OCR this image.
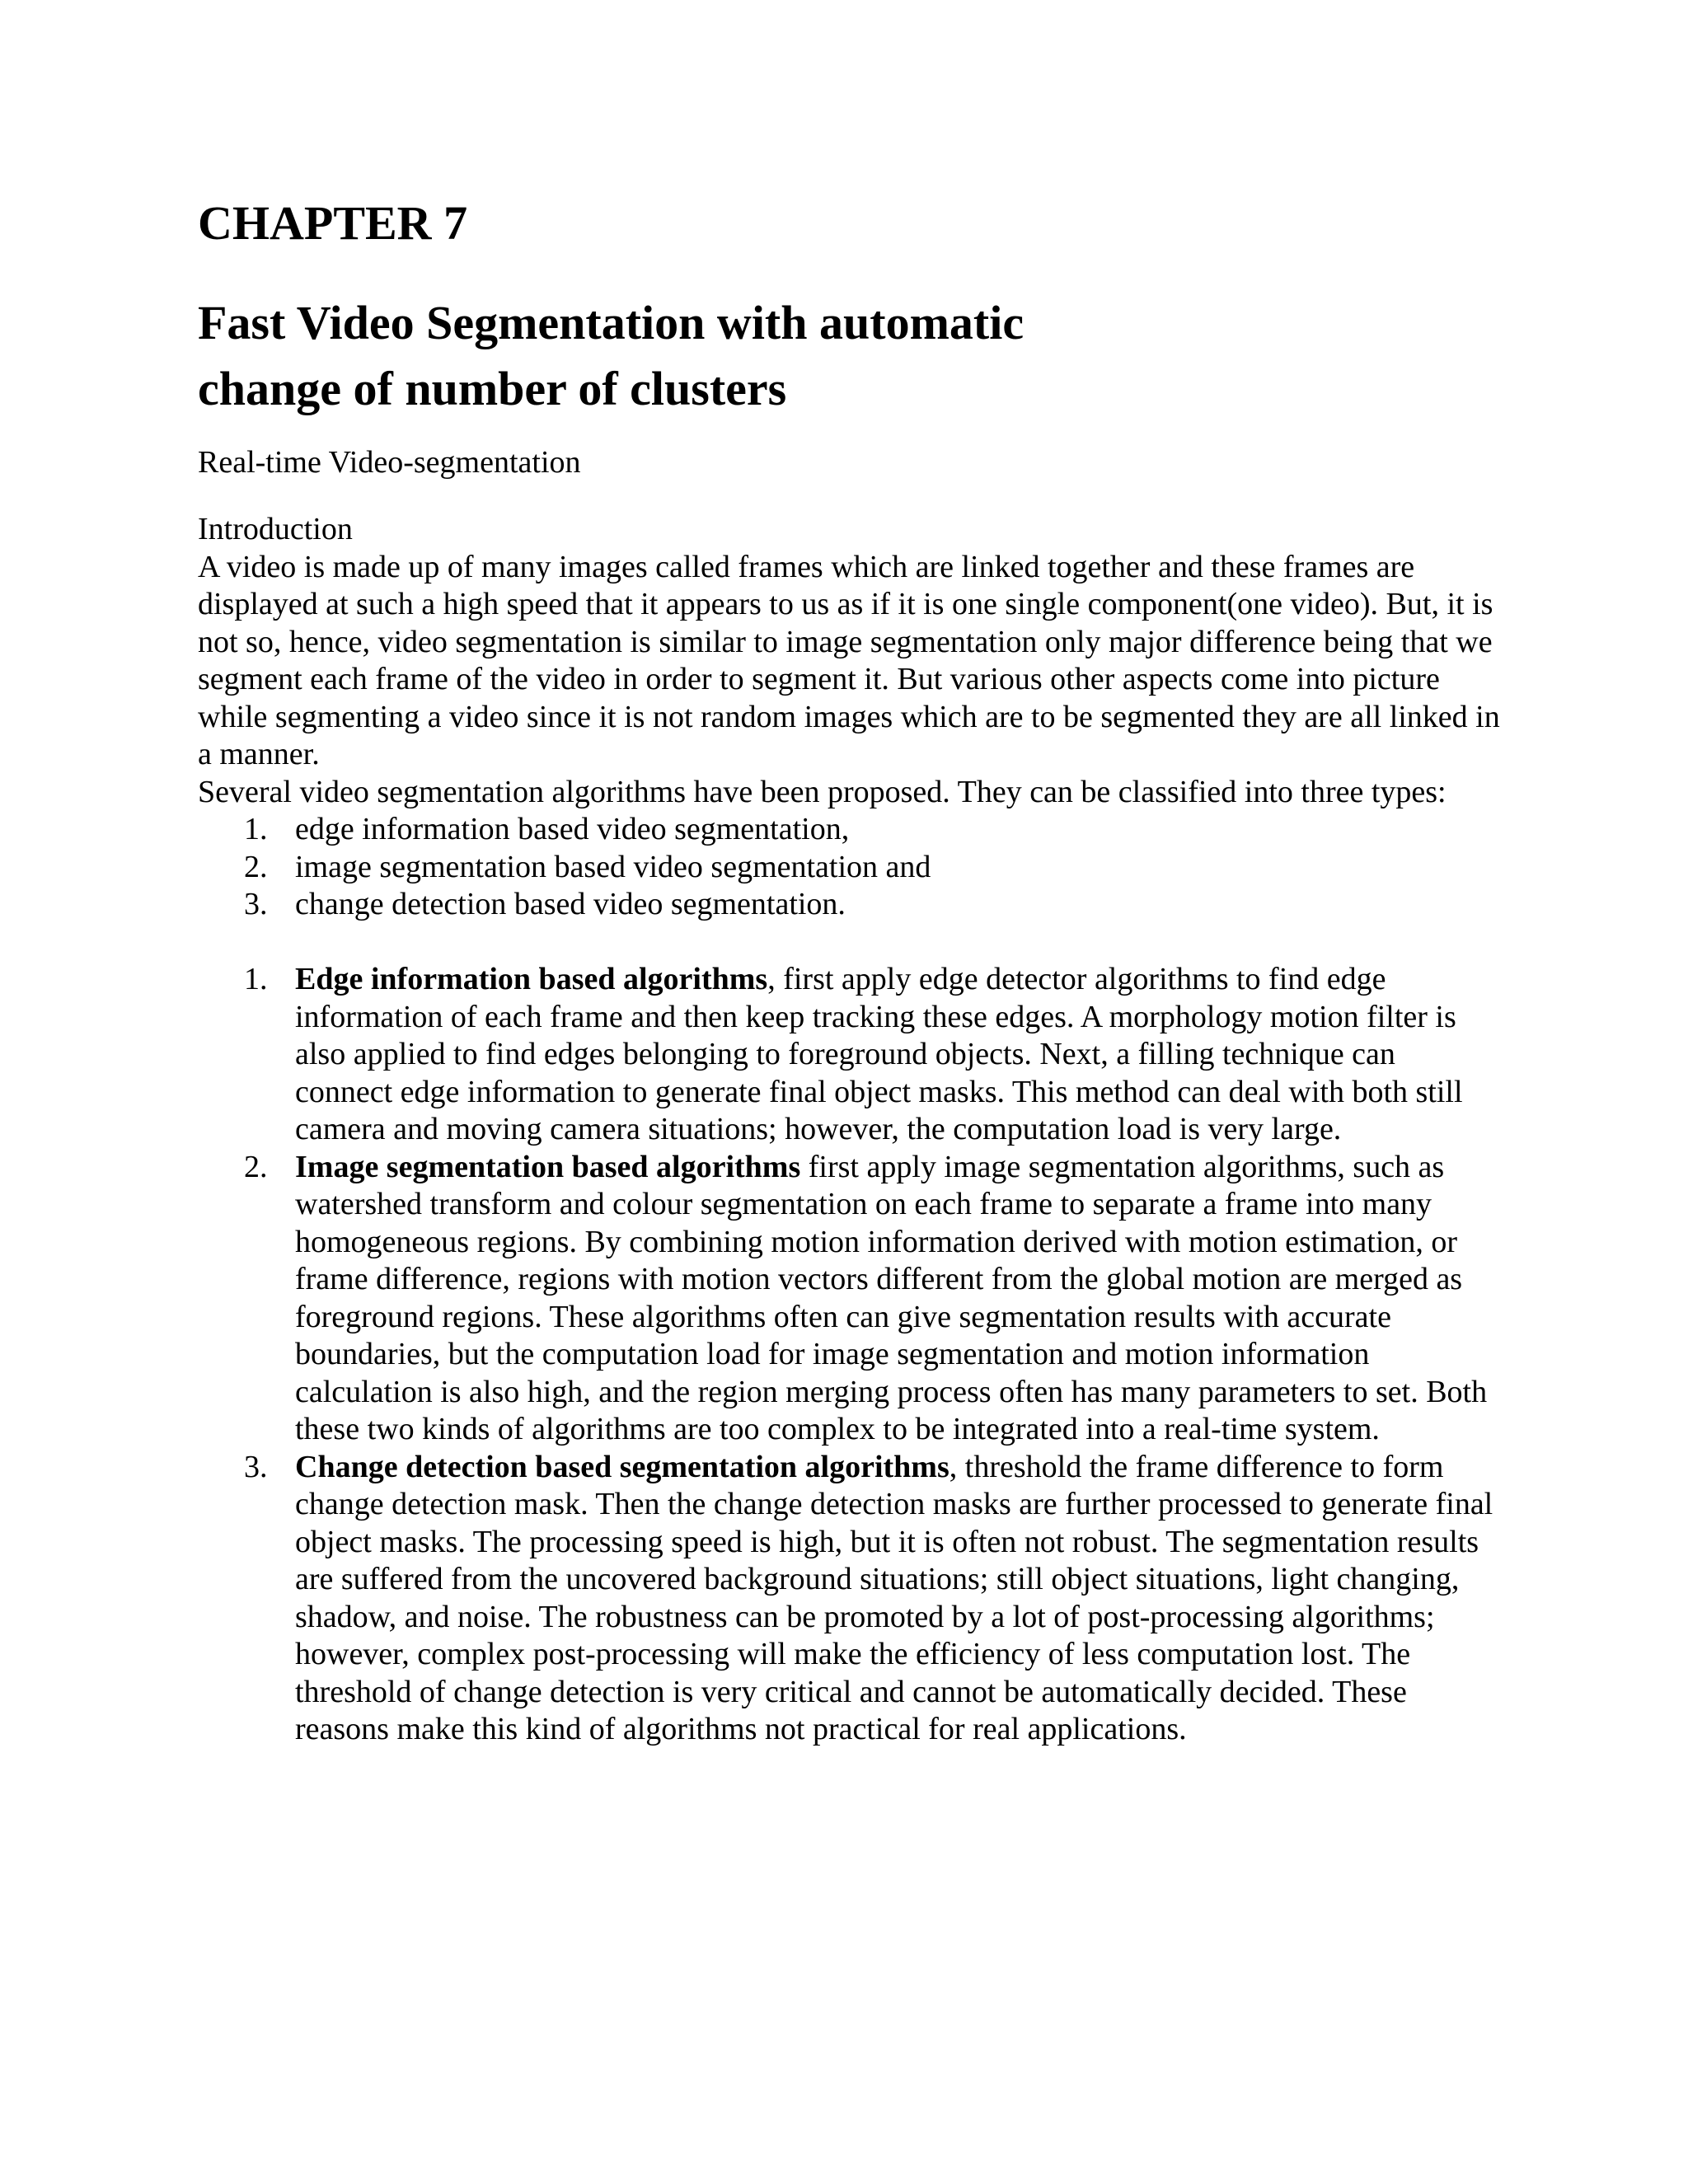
CHAPTER 7
Fast Video Segmentation with automatic
change of number of clusters

Real-time Video-segmentation

Introduction

A video is made up of many images called frames which are linked together and these frames are displayed at such a high speed that it appears to us as if it is one single component(one video). But, it is not so, hence, video segmentation is similar to image segmentation only major difference being that we segment each frame of the video in order to segment it. But various other aspects come into picture while segmenting a video since it is not random images which are to be segmented they are all linked in a manner.

Several video segmentation algorithms have been proposed. They can be classified into three types:

1. edge information based video segmentation,
2. image segmentation based video segmentation and
3. change detection based video segmentation.
1. Edge information based algorithms, first apply edge detector algorithms to find edge information of each frame and then keep tracking these edges. A morphology motion filter is also applied to find edges belonging to foreground objects. Next, a filling technique can connect edge information to generate final object masks. This method can deal with both still camera and moving camera situations; however, the computation load is very large.
2. Image segmentation based algorithms first apply image segmentation algorithms, such as watershed transform and colour segmentation on each frame to separate a frame into many homogeneous regions. By combining motion information derived with motion estimation, or frame difference, regions with motion vectors different from the global motion are merged as foreground regions. These algorithms often can give segmentation results with accurate boundaries, but the computation load for image segmentation and motion information calculation is also high, and the region merging process often has many parameters to set. Both these two kinds of algorithms are too complex to be integrated into a real-time system.
3. Change detection based segmentation algorithms, threshold the frame difference to form change detection mask. Then the change detection masks are further processed to generate final object masks. The processing speed is high, but it is often not robust. The segmentation results are suffered from the uncovered background situations; still object situations, light changing, shadow, and noise. The robustness can be promoted by a lot of post-processing algorithms; however, complex post-processing will make the efficiency of less computation lost. The threshold of change detection is very critical and cannot be automatically decided. These reasons make this kind of algorithms not practical for real applications.
